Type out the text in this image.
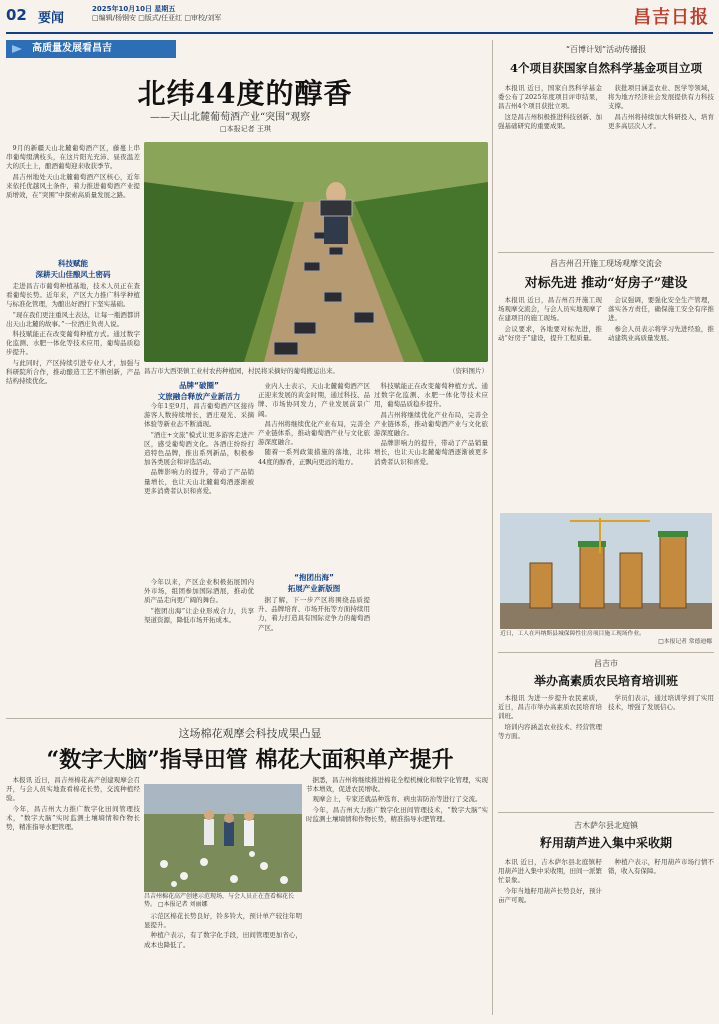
02 要闻
2025年10月10日 星期五
□编辑/杨钢安 □版式/任亚红 □审校/刘军	昌吉日报
高质量发展看昌吉
北纬44度的醇香
——天山北麓葡萄酒产业“突围”观察
□本报记者 王琪
昌吉市大西渠镇工业村农药种植园，村民将采摘好的葡萄搬运出来。	（资料图片）

9月的新疆天山北麓葡萄酒产区，藤蔓上串串葡萄缀满枝头，在这片阳光充沛、昼夜温差大的沃土上，酿酒葡萄迎来收获季节。

昌吉州地处天山北麓葡萄酒产区核心，近年来依托优越风土条件，着力推进葡萄酒产业提质增效，在“突围”中探索高质量发展之路。

科技赋能
深耕天山佳酿风土密码

走进昌吉市葡萄种植基地，技术人员正在查看葡萄长势。近年来，产区大力推广科学种植与标准化管理，为酿出好酒打下坚实基础。

“现在我们更注重风土表达，让每一瓶酒都讲出天山北麓的故事。”一位酒庄负责人说。

科技赋能正在改变葡萄种植方式。通过数字化监测、水肥一体化等技术应用，葡萄品质稳步提升。

与此同时，产区持续引进专业人才，加强与科研院所合作，推动酿造工艺不断创新，产品结构持续优化。	品牌“破圈”
文旅融合释放产业新活力

今年1至9月，昌吉葡萄酒产区接待游客人数持续增长，酒庄观光、采摘体验等新业态不断涌现。

“酒庄+文旅”模式让更多游客走进产区，感受葡萄酒文化。各酒庄纷纷打造特色品牌，推出系列新品，积极参加各类展会和评选活动。

品牌影响力的提升，带动了产品销量增长，也让天山北麓葡萄酒逐渐被更多消费者认识和喜爱。

“抱团出海”
拓展产业新版图

今年以来，产区企业积极拓展国内外市场，组团参加国际酒展，推动优质产品走向更广阔的舞台。

“抱团出海”让企业形成合力，共享渠道资源，降低市场开拓成本。

业内人士表示，天山北麓葡萄酒产区正迎来发展的黄金时期，通过科技、品牌、市场协同发力，产业发展前景广阔。

昌吉州将继续优化产业布局，完善全产业链体系，推动葡萄酒产业与文化旅游深度融合。

随着一系列政策措施的落地，北纬44度的醇香，正飘向更远的地方。

据了解，下一步产区将围绕品质提升、品牌培育、市场开拓等方面持续用力，着力打造具有国际竞争力的葡萄酒产区。

科技赋能正在改变葡萄种植方式。通过数字化监测、水肥一体化等技术应用，葡萄品质稳步提升。

昌吉州将继续优化产业布局，完善全产业链体系，推动葡萄酒产业与文化旅游深度融合。

品牌影响力的提升，带动了产品销量增长，也让天山北麓葡萄酒逐渐被更多消费者认识和喜爱。

这场棉花观摩会科技成果凸显
“数字大脑”指导田管 棉花大面积单产提升

本报讯 近日，昌吉州棉花高产创建观摩会召开，与会人员实地查看棉花长势，交流种植经验。

今年，昌吉州大力推广数字化田间管理技术，“数字大脑”实时监测土壤墒情和作物长势，精准指导水肥管理。

昌吉州棉花高产创建示范现场，与会人员正在查看棉花长势。 □本报记者 刘丽娜

示范区棉花长势良好，铃多铃大，预计单产较往年明显提升。

种植户表示，有了数字化手段，田间管理更加省心，成本也降低了。

据悉，昌吉州将继续推进棉花全程机械化和数字化管理，实现节本增效，促进农民增收。

观摩会上，专家还就品种选育、病虫害防治等进行了交流。

今年，昌吉州大力推广数字化田间管理技术，“数字大脑”实时监测土壤墒情和作物长势，精准指导水肥管理。

“百博计划”活动传播报
4个项目获国家自然科学基金项目立项

本报讯 近日，国家自然科学基金委公布了2025年度项目评审结果，昌吉州4个项目获批立项。

这是昌吉州积极推进科技创新、加强基础研究的重要成果。

获批项目涵盖农业、医学等领域，将为地方经济社会发展提供有力科技支撑。

昌吉州将持续加大科研投入，培育更多高层次人才。

昌吉州召开施工现场观摩交流会
对标先进 推动“好房子”建设

本报讯 近日，昌吉州召开施工现场观摩交流会，与会人员实地观摩了在建项目的施工现场。

会议要求，各地要对标先进，推动“好房子”建设，提升工程质量。

会议强调，要强化安全生产管理，落实各方责任，确保施工安全有序推进。

参会人员表示将学习先进经验，推动建筑业高质量发展。

近日，工人在玛纳斯县城保障性住房项目施工现场作业。
□本报记者 常德迪娜
昌吉市
举办高素质农民培育培训班

本报讯 为进一步提升农民素质，近日，昌吉市举办高素质农民培育培训班。

培训内容涵盖农业技术、经营管理等方面。

学员们表示，通过培训学到了实用技术，增强了发展信心。

吉木萨尔县北庭镇
籽用葫芦进入集中采收期

本讯 近日，吉木萨尔县北庭镇籽用葫芦进入集中采收期，田间一派繁忙景象。

今年当地籽用葫芦长势良好，预计亩产可观。

种植户表示，籽用葫芦市场行情不错，收入有保障。
